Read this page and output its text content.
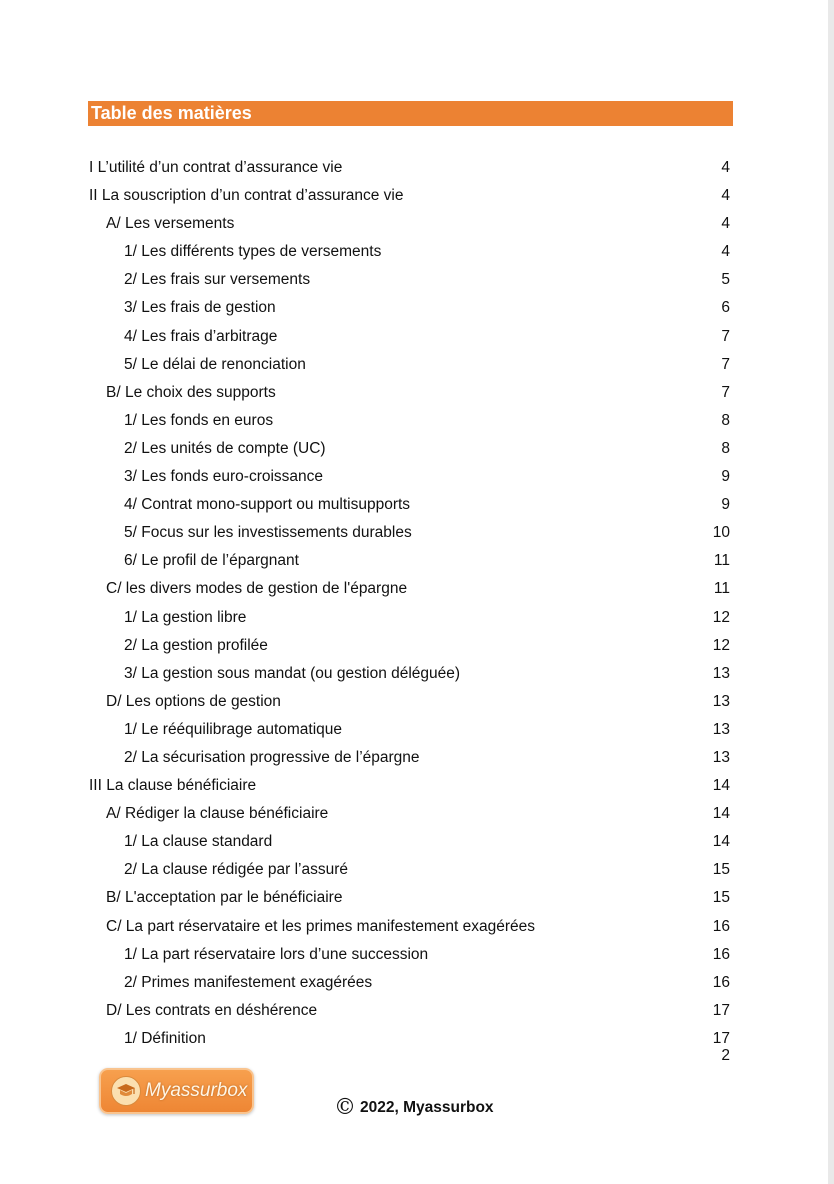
Table des matières
I L’utilité d’un contrat d’assurance vie	4
II La souscription d’un contrat d’assurance vie	4
A/ Les versements	4
1/ Les différents types de versements	4
2/ Les frais sur versements	5
3/ Les frais de gestion	6
4/ Les frais d’arbitrage	7
5/ Le délai de renonciation	7
B/ Le choix des supports	7
1/ Les fonds en euros	8
2/ Les unités de compte (UC)	8
3/ Les fonds euro-croissance	9
4/ Contrat mono-support ou multisupports	9
5/ Focus sur les investissements durables	10
6/ Le profil de l’épargnant	11
C/ les divers modes de gestion de l'épargne	11
1/ La gestion libre	12
2/ La gestion profilée	12
3/ La gestion sous mandat (ou gestion déléguée)	13
D/ Les options de gestion	13
1/ Le rééquilibrage automatique	13
2/ La sécurisation progressive de l’épargne	13
III La clause bénéficiaire	14
A/ Rédiger la clause bénéficiaire	14
1/ La clause standard	14
2/ La clause rédigée par l’assuré	15
B/ L'acceptation par le bénéficiaire	15
C/ La part réservataire et les primes manifestement exagérées	16
1/ La part réservataire lors d’une succession	16
2/ Primes manifestement exagérées	16
D/ Les contrats en déshérence	17
1/ Définition	17
2
Myassurbox
© 2022, Myassurbox
